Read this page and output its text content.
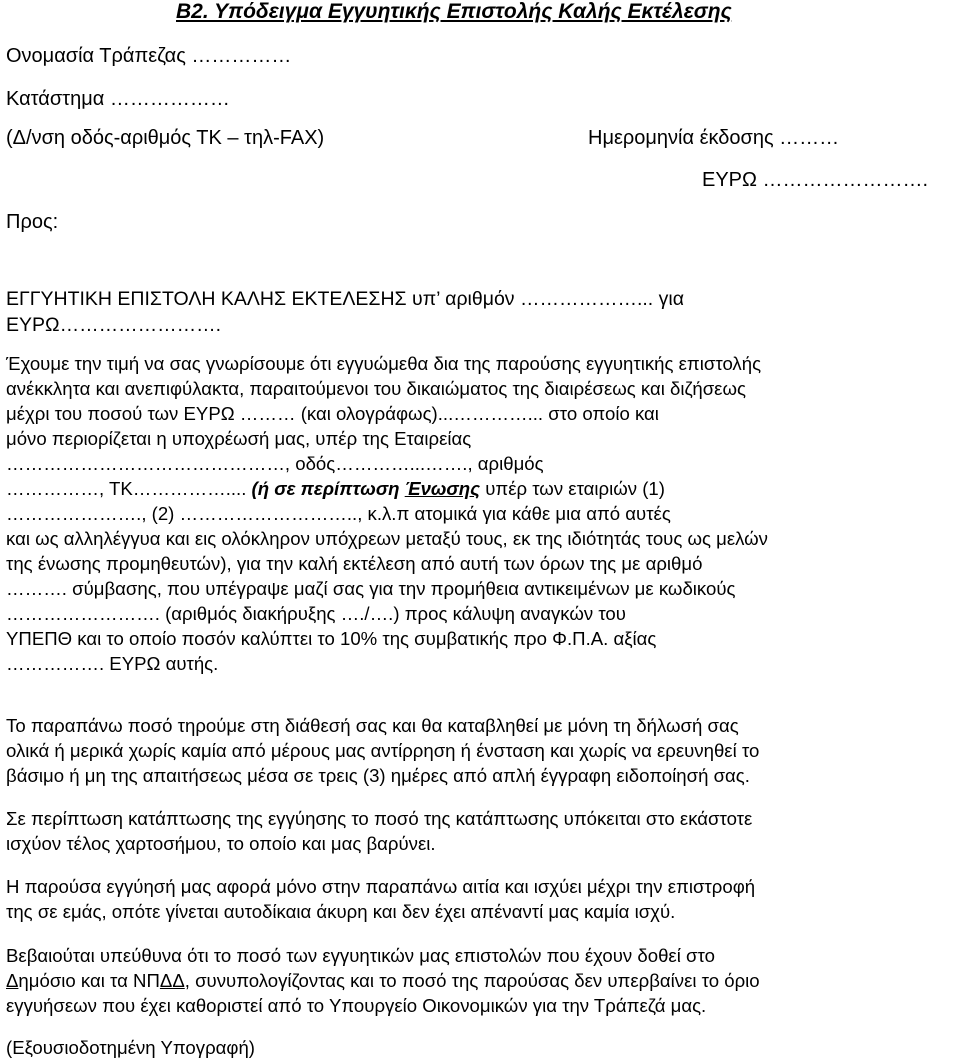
Β2. Υπόδειγμα Εγγυητικής Επιστολής Καλής Εκτέλεσης
Ονομασία Τράπεζας ……………
Κατάστημα ………………
(Δ/νση οδός-αριθμός ΤΚ – τηλ-FAX)	Ημερομηνία έκδοσης ………
ΕΥΡΩ …………………….
Προς:
ΕΓΓΥΗΤΙΚΗ ΕΠΙΣΤΟΛΗ ΚΑΛΗΣ ΕΚΤΕΛΕΣΗΣ υπ’ αριθμόν ………………... για
ΕΥΡΩ…………………….
Έχουμε την τιμή να σας γνωρίσουμε ότι εγγυώμεθα δια της παρούσης εγγυητικής επιστολής
ανέκκλητα και ανεπιφύλακτα, παραιτούμενοι του δικαιώματος της διαιρέσεως και διζήσεως
μέχρι του ποσού των ΕΥΡΩ ……… (και ολογράφως)...…………... στο οποίο και
μόνο περιορίζεται η υποχρέωσή μας, υπέρ της Εταιρείας
………………………………………, οδός…………...……., αριθμός
……………, ΤΚ…………….... (ή σε περίπτωση Ένωσης υπέρ των εταιριών (1)
…………………., (2) ……………………….., κ.λ.π ατομικά για κάθε μια από αυτές
και ως αλληλέγγυα και εις ολόκληρον υπόχρεων μεταξύ τους, εκ της ιδιότητάς τους ως μελών
της ένωσης προμηθευτών), για την καλή εκτέλεση από αυτή των όρων της με αριθμό
………. σύμβασης, που υπέγραψε μαζί σας για την προμήθεια αντικειμένων με κωδικούς
……………………. (αριθμός διακήρυξης …./….) προς κάλυψη αναγκών του
ΥΠΕΠΘ και το οποίο ποσόν καλύπτει το 10% της συμβατικής προ Φ.Π.Α. αξίας
……………. ΕΥΡΩ αυτής.
Το παραπάνω ποσό τηρούμε στη διάθεσή σας και θα καταβληθεί με μόνη τη δήλωσή σας
ολικά ή μερικά χωρίς καμία από μέρους μας αντίρρηση ή ένσταση και χωρίς να ερευνηθεί το
βάσιμο ή μη της απαιτήσεως μέσα σε τρεις (3) ημέρες από απλή έγγραφη ειδοποίησή σας.
Σε περίπτωση κατάπτωσης της εγγύησης το ποσό της κατάπτωσης υπόκειται στο εκάστοτε
ισχύον τέλος χαρτοσήμου, το οποίο και μας βαρύνει.
Η παρούσα εγγύησή μας αφορά μόνο στην παραπάνω αιτία και ισχύει μέχρι την επιστροφή
της σε εμάς, οπότε γίνεται αυτοδίκαια άκυρη και δεν έχει απέναντί μας καμία ισχύ.
Βεβαιούται υπεύθυνα ότι το ποσό των εγγυητικών μας επιστολών που έχουν δοθεί στο
Δημόσιο και τα ΝΠΔΔ, συνυπολογίζοντας και το ποσό της παρούσας δεν υπερβαίνει το όριο
εγγυήσεων που έχει καθοριστεί από το Υπουργείο Οικονομικών για την Τράπεζά μας.
(Εξουσιοδοτημένη Υπογραφή)
